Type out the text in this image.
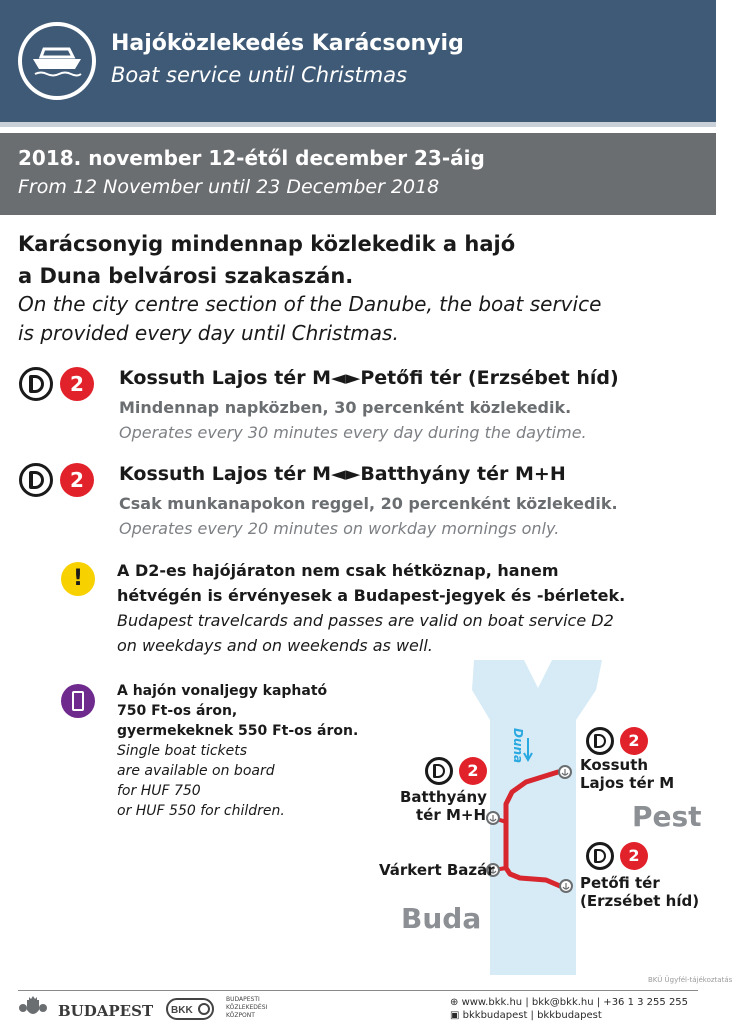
Hajóközlekedés Karácsonyig
Boat service until Christmas
2018. november 12-étől december 23-áig
From 12 November until 23 December 2018
Karácsonyig mindennap közlekedik a hajó
a Duna belvárosi szakaszán.
On the city centre section of the Danube, the boat service
is provided every day until Christmas.
2	Kossuth Lajos tér M◄►Petőfi tér (Erzsébet híd)
Mindennap napközben, 30 percenként közlekedik.
Operates every 30 minutes every day during the daytime.
2	Kossuth Lajos tér M◄►Batthyány tér M+H
Csak munkanapokon reggel, 20 percenként közlekedik.
Operates every 20 minutes on workday mornings only.
!	A D2-es hajójáraton nem csak hétköznap, hanem
hétvégén is érvényesek a Budapest-jegyek és -bérletek.
Budapest travelcards and passes are valid on boat service D2
on weekdays and on weekends as well.
A hajón vonaljegy kapható
750 Ft-os áron,
gyermekeknek 550 Ft-os áron.
Single boat tickets
are available on board
for HUF 750
or HUF 550 for children.
Duna	2
Kossuth
Lajos tér M
2
Batthyány
tér M+H
Várkert Bazár
2
Petőfi tér
(Erzsébet híd)
Pest
Buda
BKÜ Ügyfél-tájékoztatás
BUDAPEST BKK
BUDAPESTI
KÖZLEKEDÉSI
KÖZPONT
⊕ www.bkk.hu | bkk@bkk.hu | +36 1 3 255 255
▣ bkkbudapest | bkkbudapest
